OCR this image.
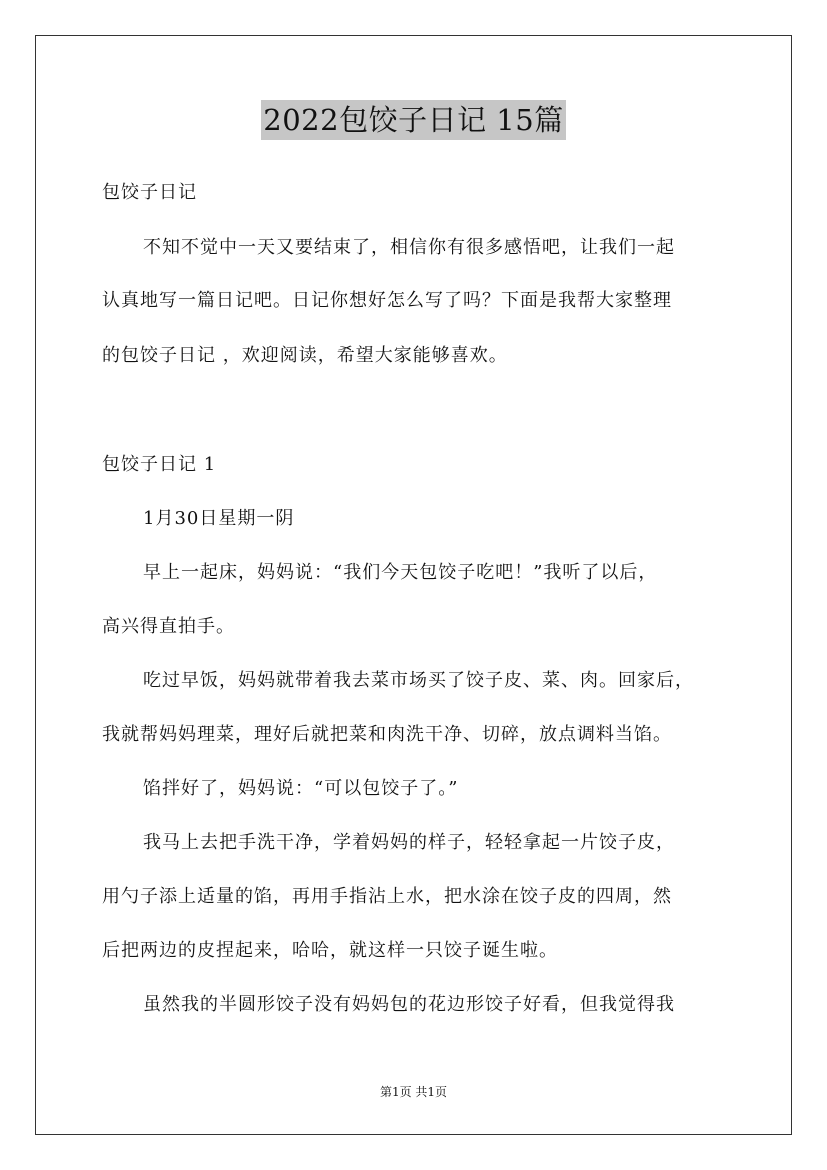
2022包饺子日记 15篇
包饺子日记
不知不觉中一天又要结束了，相信你有很多感悟吧，让我们一起
认真地写一篇日记吧。日记你想好怎么写了吗？下面是我帮大家整理
的包饺子日记 ，欢迎阅读，希望大家能够喜欢。
包饺子日记 1
1月30日星期一阴
早上一起床，妈妈说：“我们今天包饺子吃吧！”我听了以后，
高兴得直拍手。
吃过早饭，妈妈就带着我去菜市场买了饺子皮、菜、肉。回家后，
我就帮妈妈理菜，理好后就把菜和肉洗干净、切碎，放点调料当馅。
馅拌好了，妈妈说：“可以包饺子了。”
我马上去把手洗干净，学着妈妈的样子，轻轻拿起一片饺子皮，
用勺子添上适量的馅，再用手指沾上水，把水涂在饺子皮的四周，然
后把两边的皮捏起来，哈哈，就这样一只饺子诞生啦。
虽然我的半圆形饺子没有妈妈包的花边形饺子好看，但我觉得我
第1页 共1页
